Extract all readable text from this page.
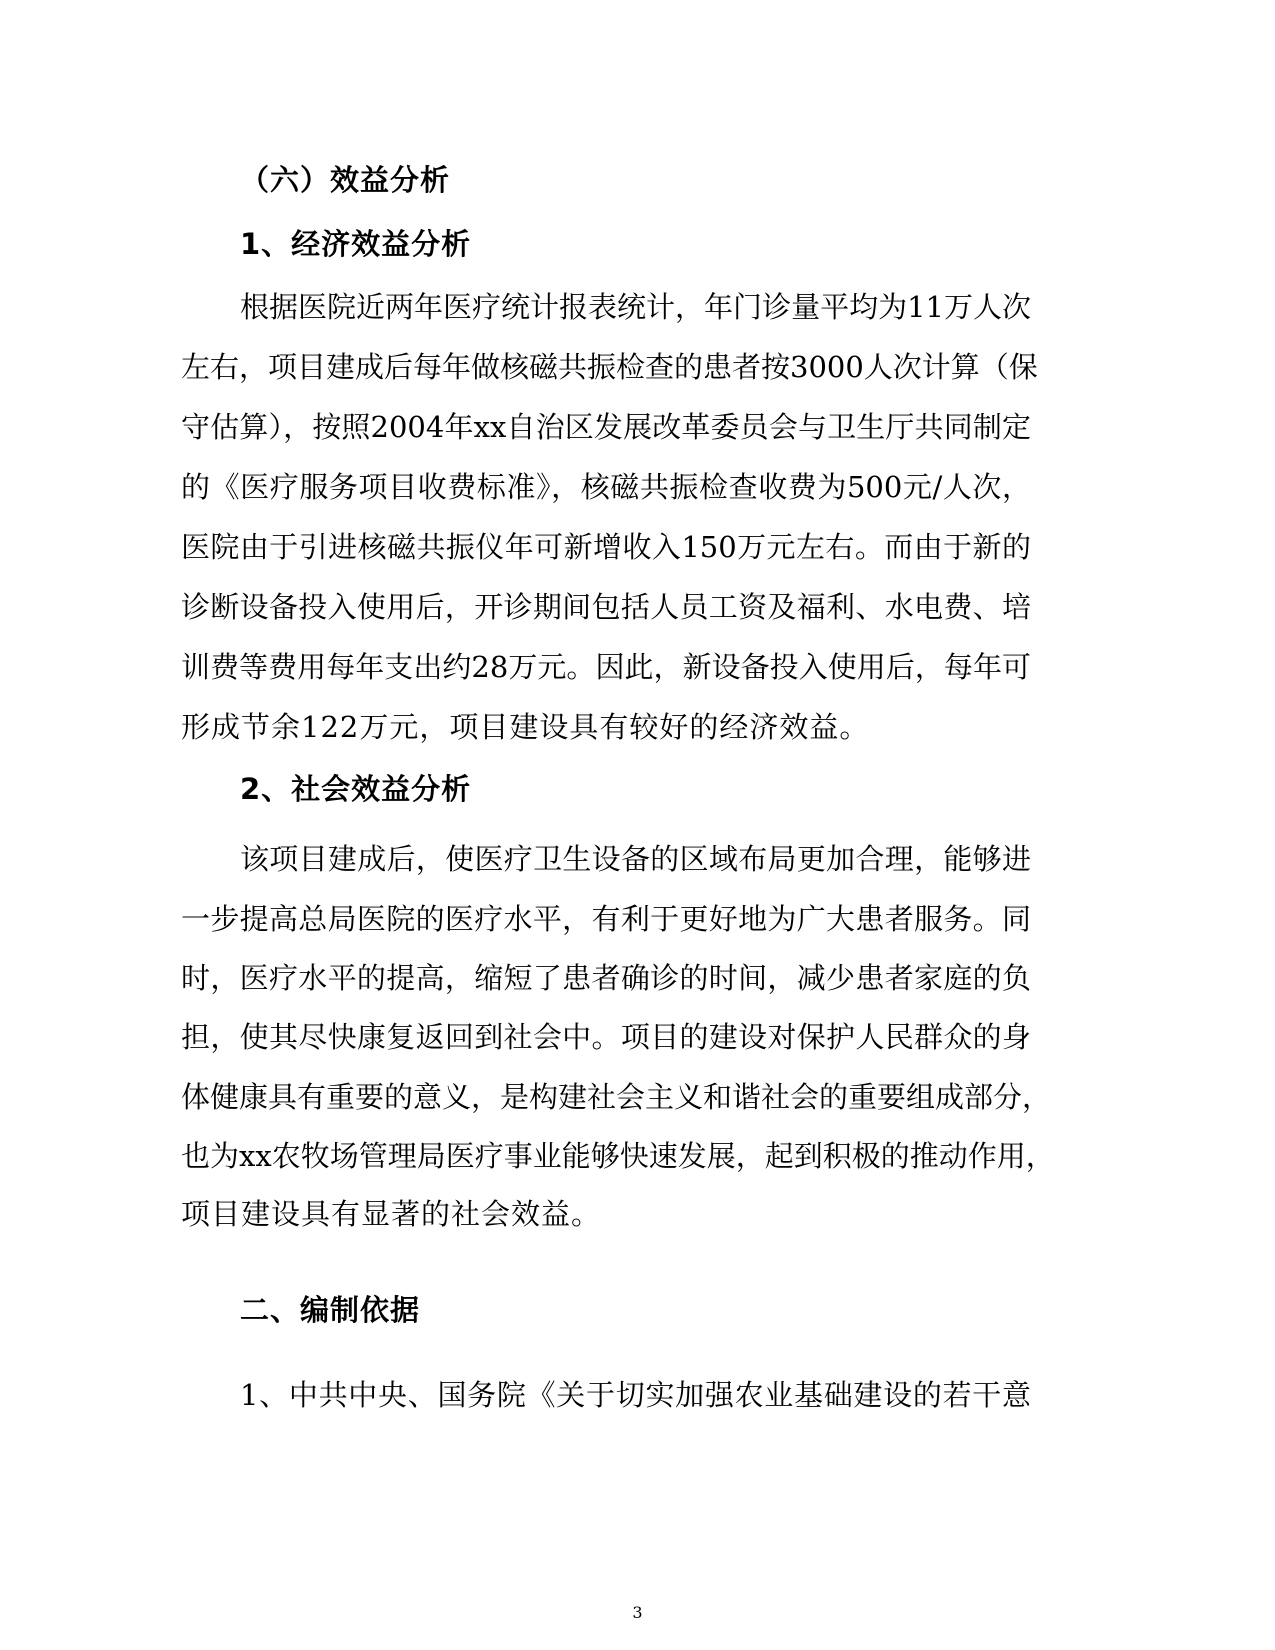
（六）效益分析
1、经济效益分析
根据医院近两年医疗统计报表统计，年门诊量平均为11万人次
左右，项目建成后每年做核磁共振检查的患者按3000人次计算（保
守估算），按照2004年xx自治区发展改革委员会与卫生厅共同制定
的《医疗服务项目收费标准》，核磁共振检查收费为500元/人次，
医院由于引进核磁共振仪年可新增收入150万元左右。而由于新的
诊断设备投入使用后，开诊期间包括人员工资及福利、水电费、培
训费等费用每年支出约28万元。因此，新设备投入使用后，每年可
形成节余122万元，项目建设具有较好的经济效益。
2、社会效益分析
该项目建成后，使医疗卫生设备的区域布局更加合理，能够进
一步提高总局医院的医疗水平，有利于更好地为广大患者服务。同
时，医疗水平的提高，缩短了患者确诊的时间，减少患者家庭的负
担，使其尽快康复返回到社会中。项目的建设对保护人民群众的身
体健康具有重要的意义，是构建社会主义和谐社会的重要组成部分，
也为xx农牧场管理局医疗事业能够快速发展，起到积极的推动作用，
项目建设具有显著的社会效益。
二、编制依据
1、中共中央、国务院《关于切实加强农业基础建设的若干意
3
